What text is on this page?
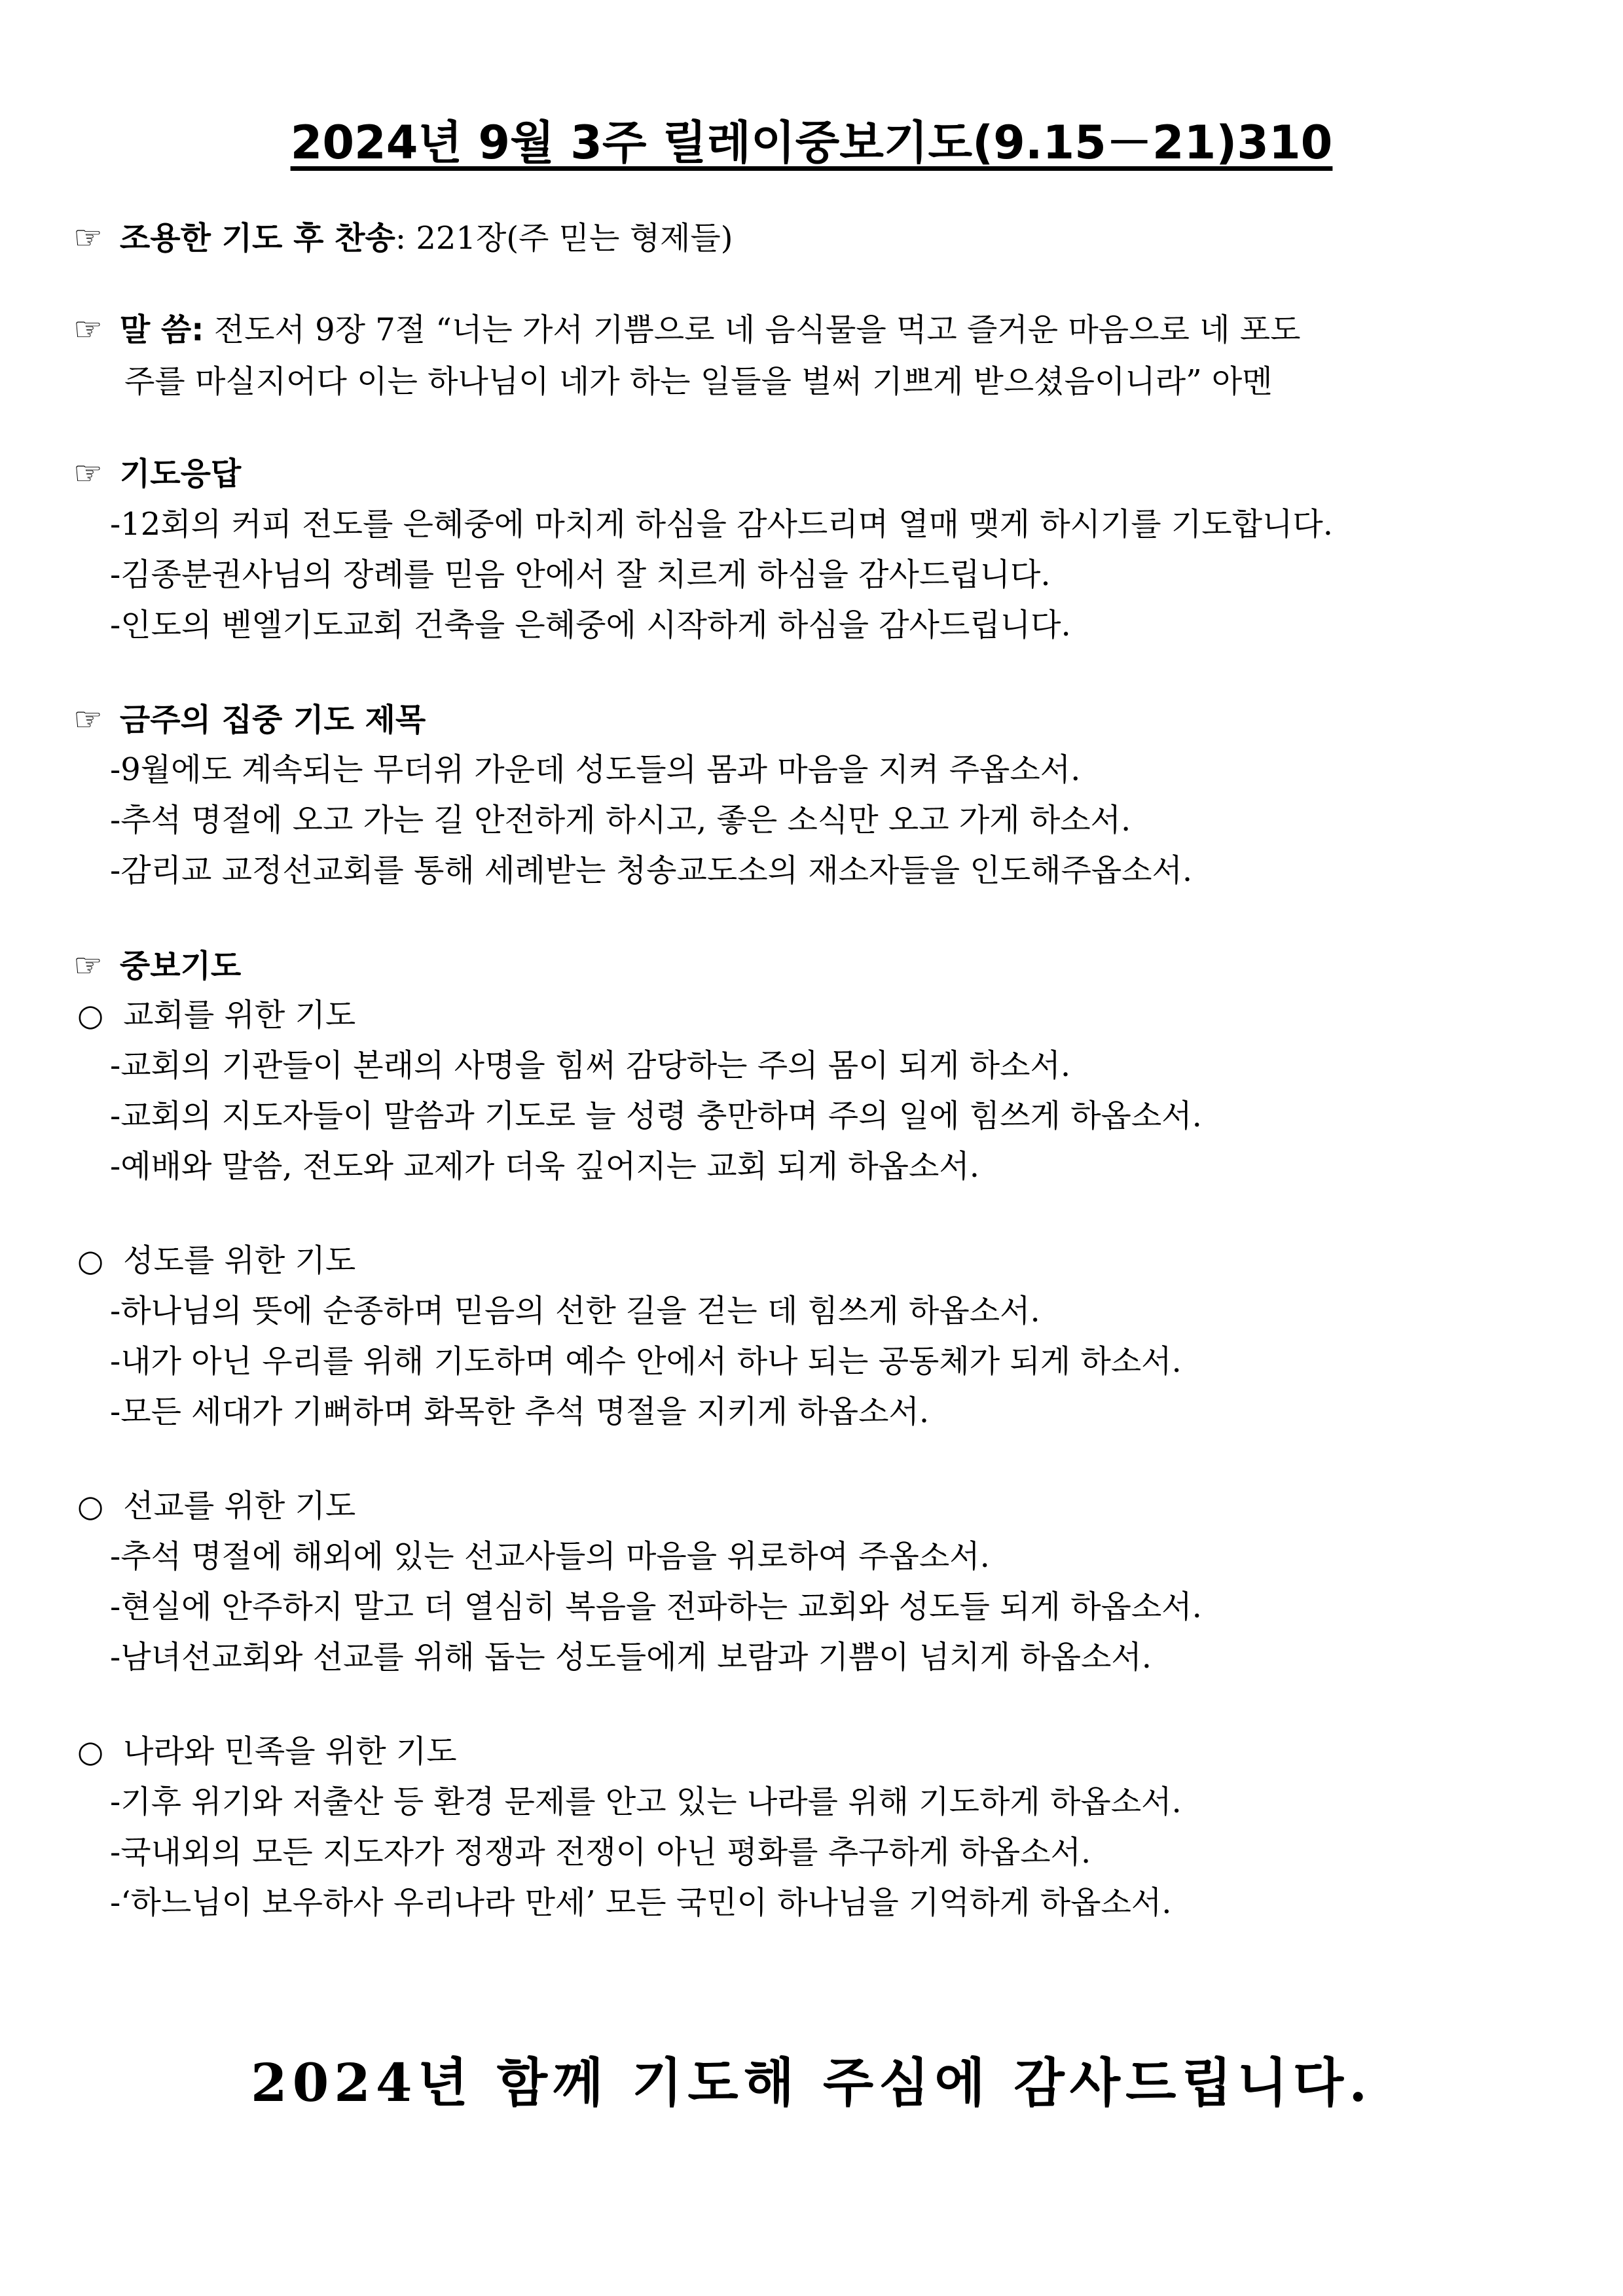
2024년 9월 3주 릴레이중보기도(9.15－21)310
☞ 조용한 기도 후 찬송: 221장(주 믿는 형제들)
☞ 말 씀: 전도서 9장 7절 “너는 가서 기쁨으로 네 음식물을 먹고 즐거운 마음으로 네 포도
주를 마실지어다 이는 하나님이 네가 하는 일들을 벌써 기쁘게 받으셨음이니라” 아멘
☞ 기도응답
-12회의 커피 전도를 은혜중에 마치게 하심을 감사드리며 열매 맺게 하시기를 기도합니다.
-김종분권사님의 장례를 믿음 안에서 잘 치르게 하심을 감사드립니다.
-인도의 벧엘기도교회 건축을 은혜중에 시작하게 하심을 감사드립니다.
☞ 금주의 집중 기도 제목
-9월에도 계속되는 무더위 가운데 성도들의 몸과 마음을 지켜 주옵소서.
-추석 명절에 오고 가는 길 안전하게 하시고, 좋은 소식만 오고 가게 하소서.
-감리교 교정선교회를 통해 세례받는 청송교도소의 재소자들을 인도해주옵소서.
☞ 중보기도
○ 교회를 위한 기도
-교회의 기관들이 본래의 사명을 힘써 감당하는 주의 몸이 되게 하소서.
-교회의 지도자들이 말씀과 기도로 늘 성령 충만하며 주의 일에 힘쓰게 하옵소서.
-예배와 말씀, 전도와 교제가 더욱 깊어지는 교회 되게 하옵소서.
○ 성도를 위한 기도
-하나님의 뜻에 순종하며 믿음의 선한 길을 걷는 데 힘쓰게 하옵소서.
-내가 아닌 우리를 위해 기도하며 예수 안에서 하나 되는 공동체가 되게 하소서.
-모든 세대가 기뻐하며 화목한 추석 명절을 지키게 하옵소서.
○ 선교를 위한 기도
-추석 명절에 해외에 있는 선교사들의 마음을 위로하여 주옵소서.
-현실에 안주하지 말고 더 열심히 복음을 전파하는 교회와 성도들 되게 하옵소서.
-남녀선교회와 선교를 위해 돕는 성도들에게 보람과 기쁨이 넘치게 하옵소서.
○ 나라와 민족을 위한 기도
-기후 위기와 저출산 등 환경 문제를 안고 있는 나라를 위해 기도하게 하옵소서.
-국내외의 모든 지도자가 정쟁과 전쟁이 아닌 평화를 추구하게 하옵소서.
-‘하느님이 보우하사 우리나라 만세’ 모든 국민이 하나님을 기억하게 하옵소서.
2024년 함께 기도해 주심에 감사드립니다.
